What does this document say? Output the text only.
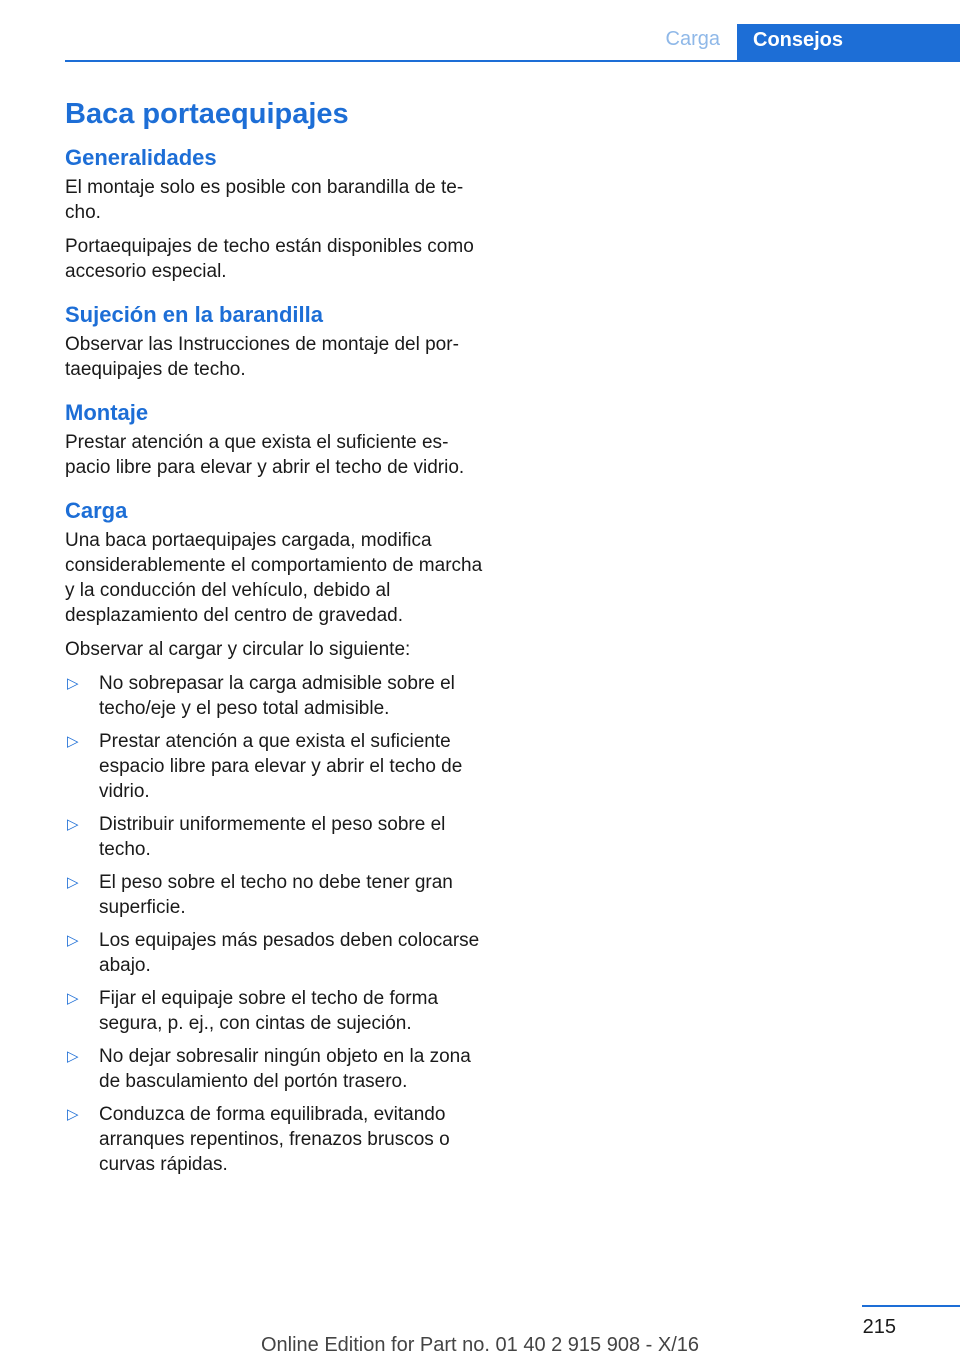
Carga	Consejos
Baca portaequipajes
Generalidades

El montaje solo es posible con barandilla de techo.

Portaequipajes de techo están disponibles como accesorio especial.

Sujeción en la barandilla

Observar las Instrucciones de montaje del portaequipajes de techo.

Montaje

Prestar atención a que exista el suficiente espacio libre para elevar y abrir el techo de vidrio.

Carga

Una baca portaequipajes cargada, modifica considerablemente el comportamiento de marcha y la conducción del vehículo, debido al desplazamiento del centro de gravedad.

Observar al cargar y circular lo siguiente:

▷ No sobrepasar la carga admisible sobre el techo/eje y el peso total admisible.
▷ Prestar atención a que exista el suficiente espacio libre para elevar y abrir el techo de vidrio.
▷ Distribuir uniformemente el peso sobre el techo.
▷ El peso sobre el techo no debe tener gran superficie.
▷ Los equipajes más pesados deben colocarse abajo.
▷ Fijar el equipaje sobre el techo de forma segura, p. ej., con cintas de sujeción.
▷ No dejar sobresalir ningún objeto en la zona de basculamiento del portón trasero.
▷ Conduzca de forma equilibrada, evitando arranques repentinos, frenazos bruscos o curvas rápidas.
215
Online Edition for Part no. 01 40 2 915 908 - X/16
